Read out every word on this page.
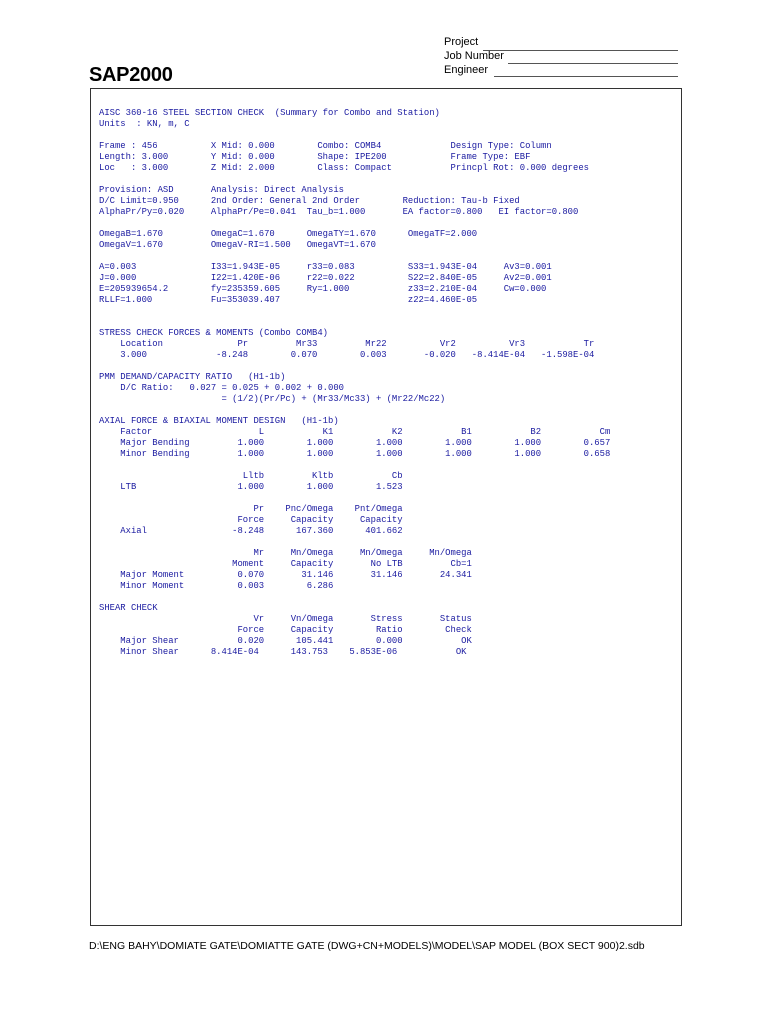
SAP2000
Project
Job Number
Engineer
AISC 360-16 STEEL SECTION CHECK  (Summary for Combo and Station)
Units  : KN, m, C

Frame : 456          X Mid: 0.000        Combo: COMB4             Design Type: Column
Length: 3.000        Y Mid: 0.000        Shape: IPE200            Frame Type: EBF
Loc   : 3.000        Z Mid: 2.000        Class: Compact           Princpl Rot: 0.000 degrees

Provision: ASD       Analysis: Direct Analysis
D/C Limit=0.950      2nd Order: General 2nd Order        Reduction: Tau-b Fixed
AlphaPr/Py=0.020     AlphaPr/Pe=0.041  Tau_b=1.000       EA factor=0.800   EI factor=0.800

OmegaB=1.670         OmegaC=1.670      OmegaTY=1.670      OmegaTF=2.000
OmegaV=1.670         OmegaV-RI=1.500   OmegaVT=1.670

A=0.003              I33=1.943E-05     r33=0.083          S33=1.943E-04     Av3=0.001
J=0.000              I22=1.420E-06     r22=0.022          S22=2.840E-05     Av2=0.001
E=205939654.2        fy=235359.605     Ry=1.000           z33=2.210E-04     Cw=0.000
RLLF=1.000           Fu=353039.407                        z22=4.460E-05

STRESS CHECK FORCES & MOMENTS (Combo COMB4)
Location              Pr         Mr33         Mr22          Vr2          Vr3           Tr
3.000             -8.248        0.070        0.003       -0.020   -8.414E-04   -1.598E-04

PMM DEMAND/CAPACITY RATIO   (H1-1b)
D/C Ratio:   0.027 = 0.025 + 0.002 + 0.000
= (1/2)(Pr/Pc) + (Mr33/Mc33) + (Mr22/Mc22)

AXIAL FORCE & BIAXIAL MOMENT DESIGN   (H1-1b)
Factor                    L           K1           K2           B1           B2           Cm
Major Bending         1.000        1.000        1.000        1.000        1.000        0.657
Minor Bending         1.000        1.000        1.000        1.000        1.000        0.658

Lltb         Kltb           Cb
LTB                   1.000        1.000        1.523

Pr    Pnc/Omega    Pnt/Omega
Force     Capacity     Capacity
Axial                -8.248      167.360      401.662

Mr     Mn/Omega     Mn/Omega     Mn/Omega
Moment     Capacity       No LTB         Cb=1
Major Moment          0.070       31.146       31.146       24.341
Minor Moment          0.003        6.286

SHEAR CHECK
Vr     Vn/Omega       Stress       Status
Force     Capacity        Ratio        Check
Major Shear           0.020      105.441        0.000           OK
Minor Shear      8.414E-04      143.753    5.853E-06           OK
D:\ENG BAHY\DOMIATE GATE\DOMIATTE GATE (DWG+CN+MODELS)\MODEL\SAP MODEL (BOX SECT 900)2.sdb
